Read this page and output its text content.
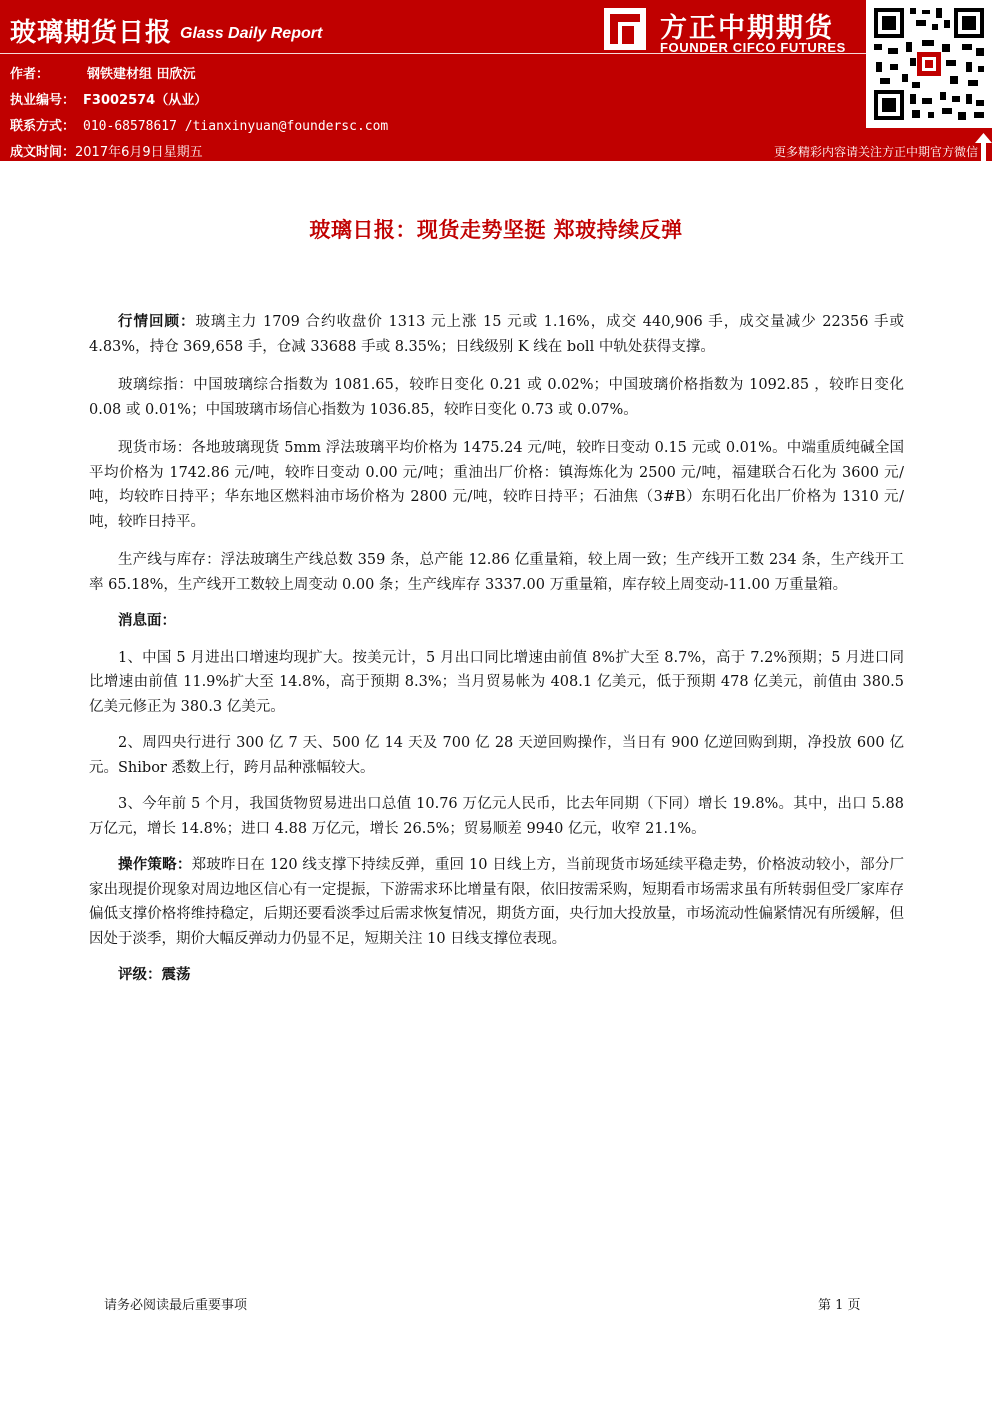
玻璃期货日报 Glass Daily Report
作者：	钢铁建材组 田欣沅
执业编号： F3002574（从业）
联系方式： 010-68578617 /tianxinyuan@foundersc.com
成文时间：2017年6月9日星期五
方正中期期货
FOUNDER CIFCO FUTURES
更多精彩内容请关注方正中期官方微信
玻璃日报：现货走势坚挺 郑玻持续反弹

行情回顾：玻璃主力 1709 合约收盘价 1313 元上涨 15 元或 1.16%，成交 440,906 手，成交量减少 22356 手或 4.83%，持仓 369,658 手，仓减 33688 手或 8.35%；日线级别 K 线在 boll 中轨处获得支撑。

玻璃综指：中国玻璃综合指数为 1081.65，较昨日变化 0.21 或 0.02%；中国玻璃价格指数为 1092.85 ，较昨日变化 0.08 或 0.01%；中国玻璃市场信心指数为 1036.85，较昨日变化 0.73 或 0.07%。

现货市场：各地玻璃现货 5mm 浮法玻璃平均价格为 1475.24 元/吨，较昨日变动 0.15 元或 0.01%。中端重质纯碱全国平均价格为 1742.86 元/吨，较昨日变动 0.00 元/吨；重油出厂价格：镇海炼化为 2500 元/吨，福建联合石化为 3600 元/吨，均较昨日持平；华东地区燃料油市场价格为 2800 元/吨，较昨日持平；石油焦（3#B）东明石化出厂价格为 1310 元/吨，较昨日持平。

生产线与库存：浮法玻璃生产线总数 359 条，总产能 12.86 亿重量箱，较上周一致；生产线开工数 234 条，生产线开工率 65.18%，生产线开工数较上周变动 0.00 条；生产线库存 3337.00 万重量箱，库存较上周变动-11.00 万重量箱。

消息面：

1、中国 5 月进出口增速均现扩大。按美元计，5 月出口同比增速由前值 8%扩大至 8.7%，高于 7.2%预期；5 月进口同比增速由前值 11.9%扩大至 14.8%，高于预期 8.3%；当月贸易帐为 408.1 亿美元，低于预期 478 亿美元，前值由 380.5 亿美元修正为 380.3 亿美元。

2、周四央行进行 300 亿 7 天、500 亿 14 天及 700 亿 28 天逆回购操作，当日有 900 亿逆回购到期，净投放 600 亿元。Shibor 悉数上行，跨月品种涨幅较大。

3、今年前 5 个月，我国货物贸易进出口总值 10.76 万亿元人民币，比去年同期（下同）增长 19.8%。其中，出口 5.88 万亿元，增长 14.8%；进口 4.88 万亿元，增长 26.5%；贸易顺差 9940 亿元，收窄 21.1%。

操作策略：郑玻昨日在 120 线支撑下持续反弹，重回 10 日线上方，当前现货市场延续平稳走势，价格波动较小，部分厂家出现提价现象对周边地区信心有一定提振，下游需求环比增量有限，依旧按需采购，短期看市场需求虽有所转弱但受厂家库存偏低支撑价格将维持稳定，后期还要看淡季过后需求恢复情况，期货方面，央行加大投放量，市场流动性偏紧情况有所缓解，但因处于淡季，期价大幅反弹动力仍显不足，短期关注 10 日线支撑位表现。

评级：震荡

请务必阅读最后重要事项	第 1 页
